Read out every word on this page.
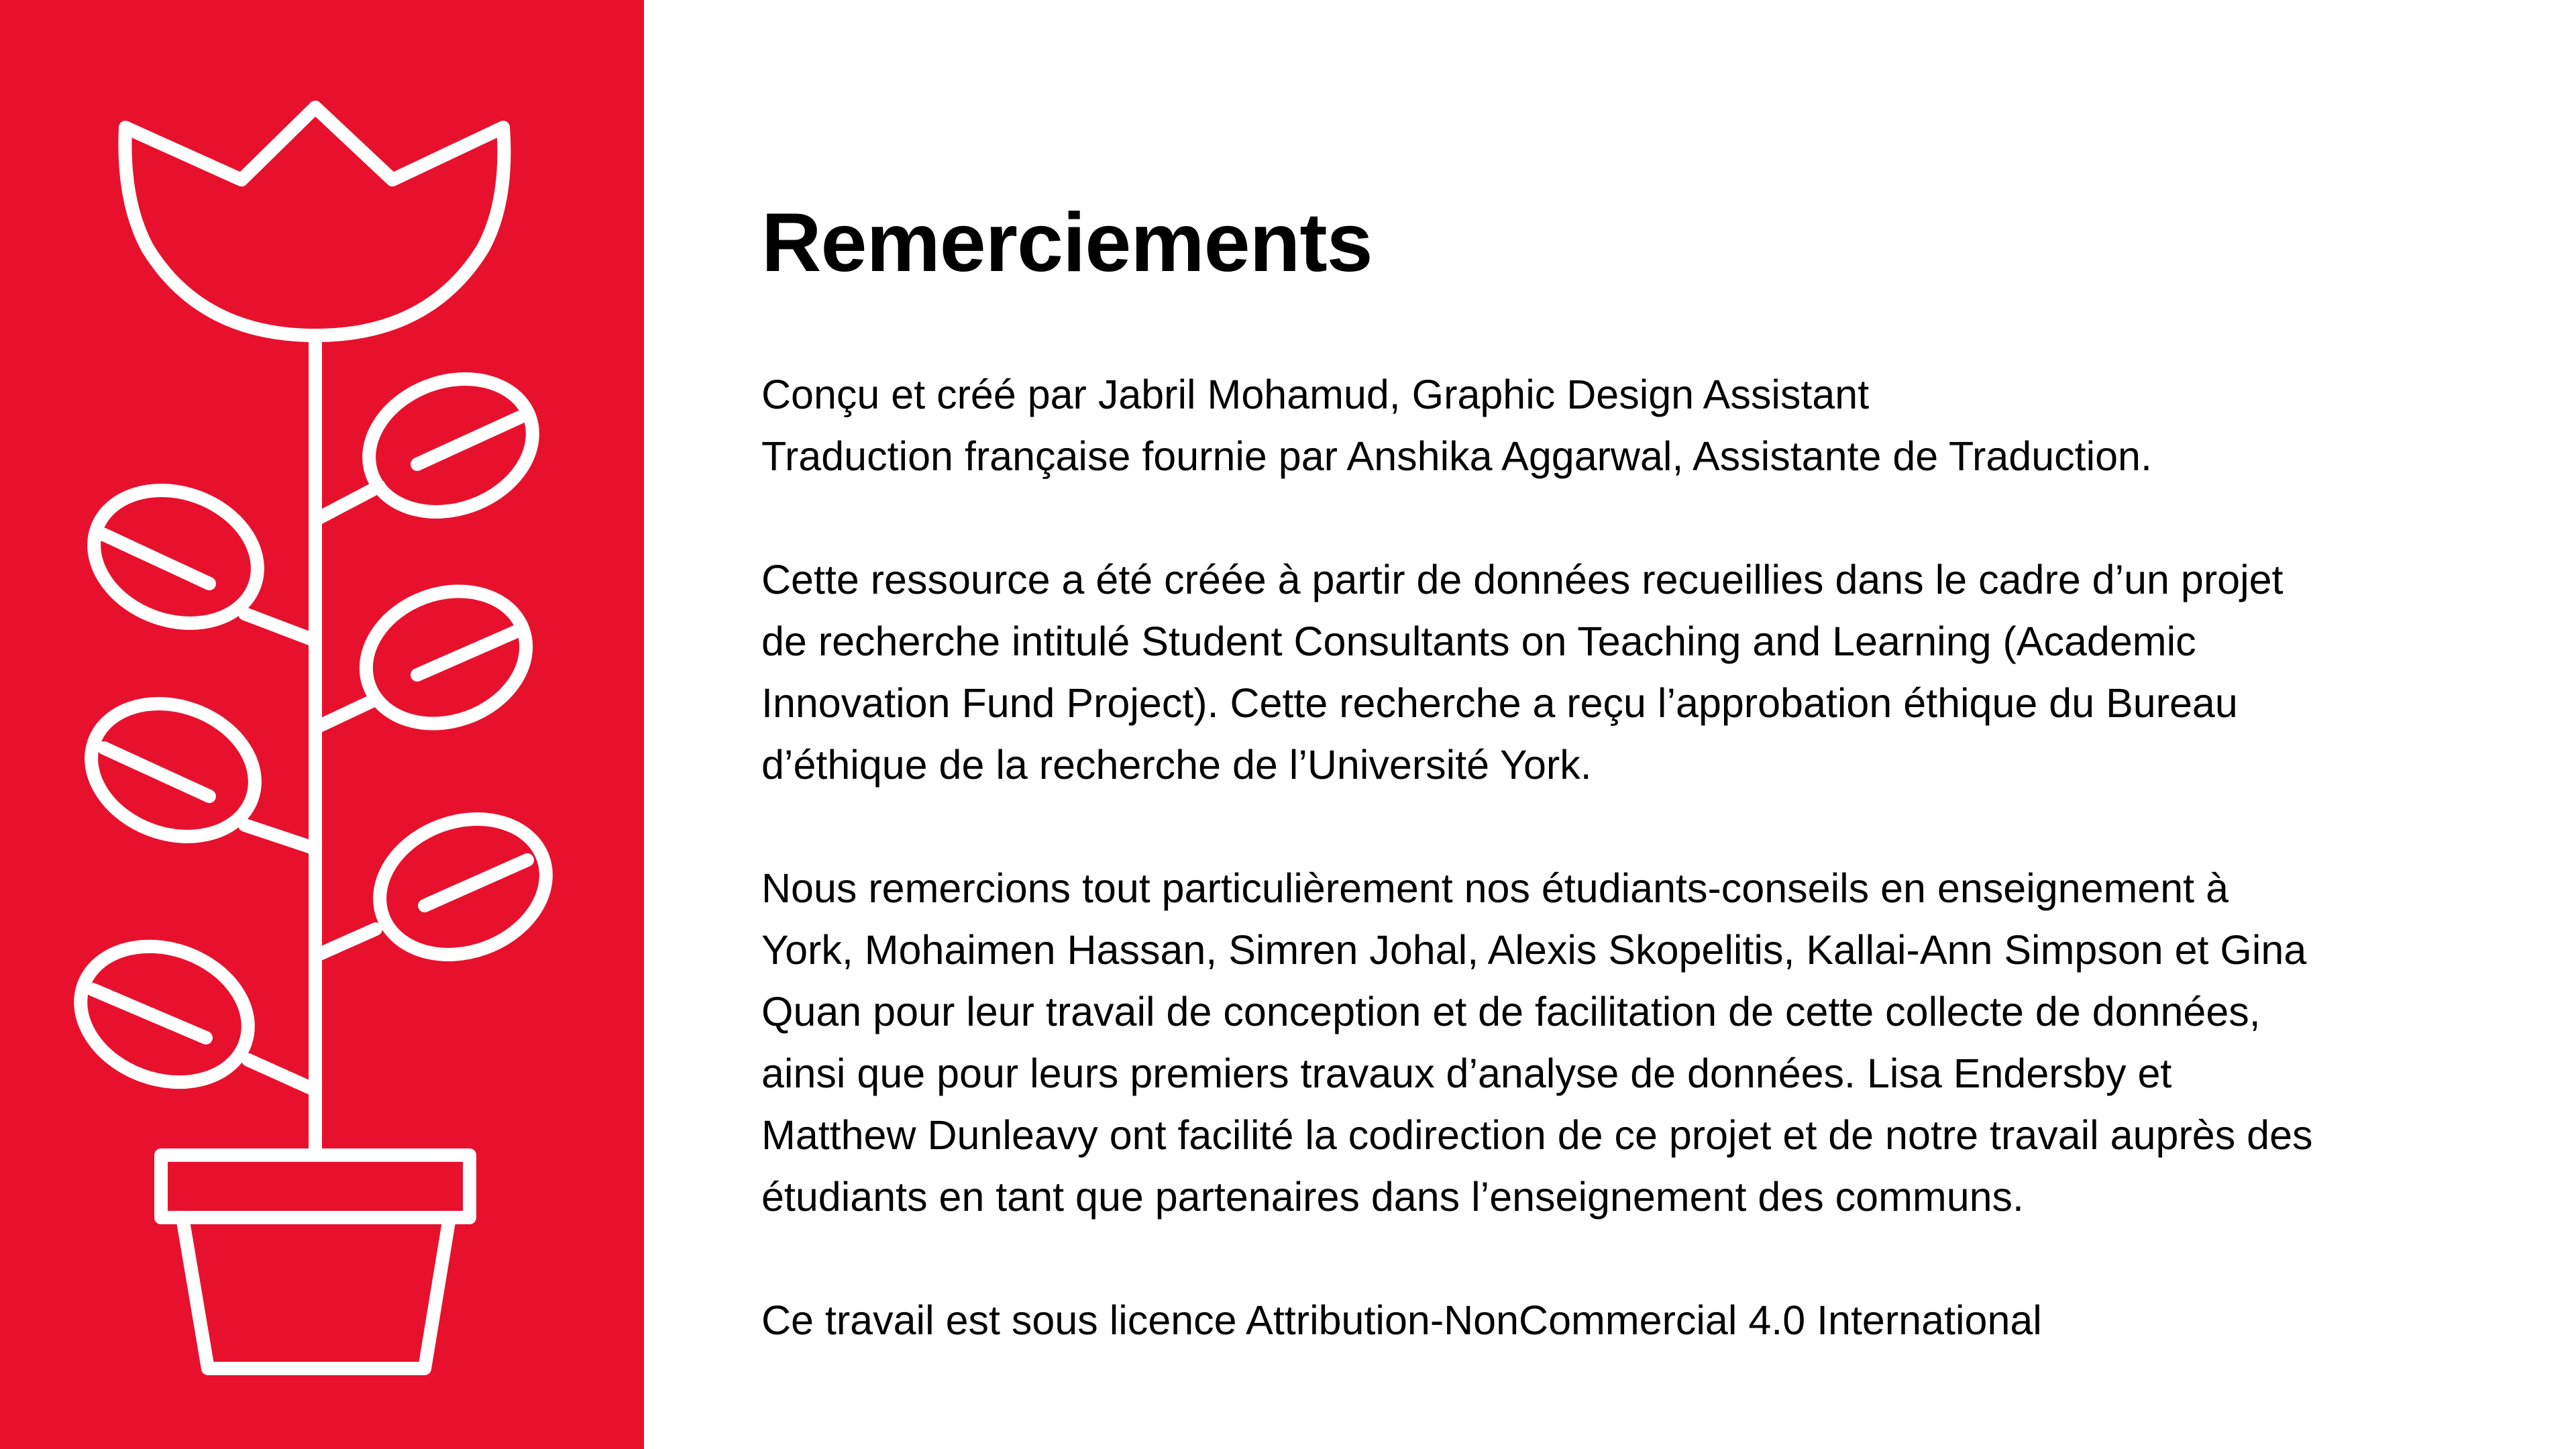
Remerciements

Conçu et créé par Jabril Mohamud, Graphic Design Assistant
Traduction française fournie par Anshika Aggarwal, Assistante de Traduction.

Cette ressource a été créée à partir de données recueillies dans le cadre d’un projet
de recherche intitulé Student Consultants on Teaching and Learning (Academic
Innovation Fund Project). Cette recherche a reçu l’approbation éthique du Bureau
d’éthique de la recherche de l’Université York.

Nous remercions tout particulièrement nos étudiants-conseils en enseignement à
York, Mohaimen Hassan, Simren Johal, Alexis Skopelitis, Kallai-Ann Simpson et Gina
Quan pour leur travail de conception et de facilitation de cette collecte de données,
ainsi que pour leurs premiers travaux d’analyse de données. Lisa Endersby et
Matthew Dunleavy ont facilité la codirection de ce projet et de notre travail auprès des
étudiants en tant que partenaires dans l’enseignement des communs.

Ce travail est sous licence Attribution-NonCommercial 4.0 International
